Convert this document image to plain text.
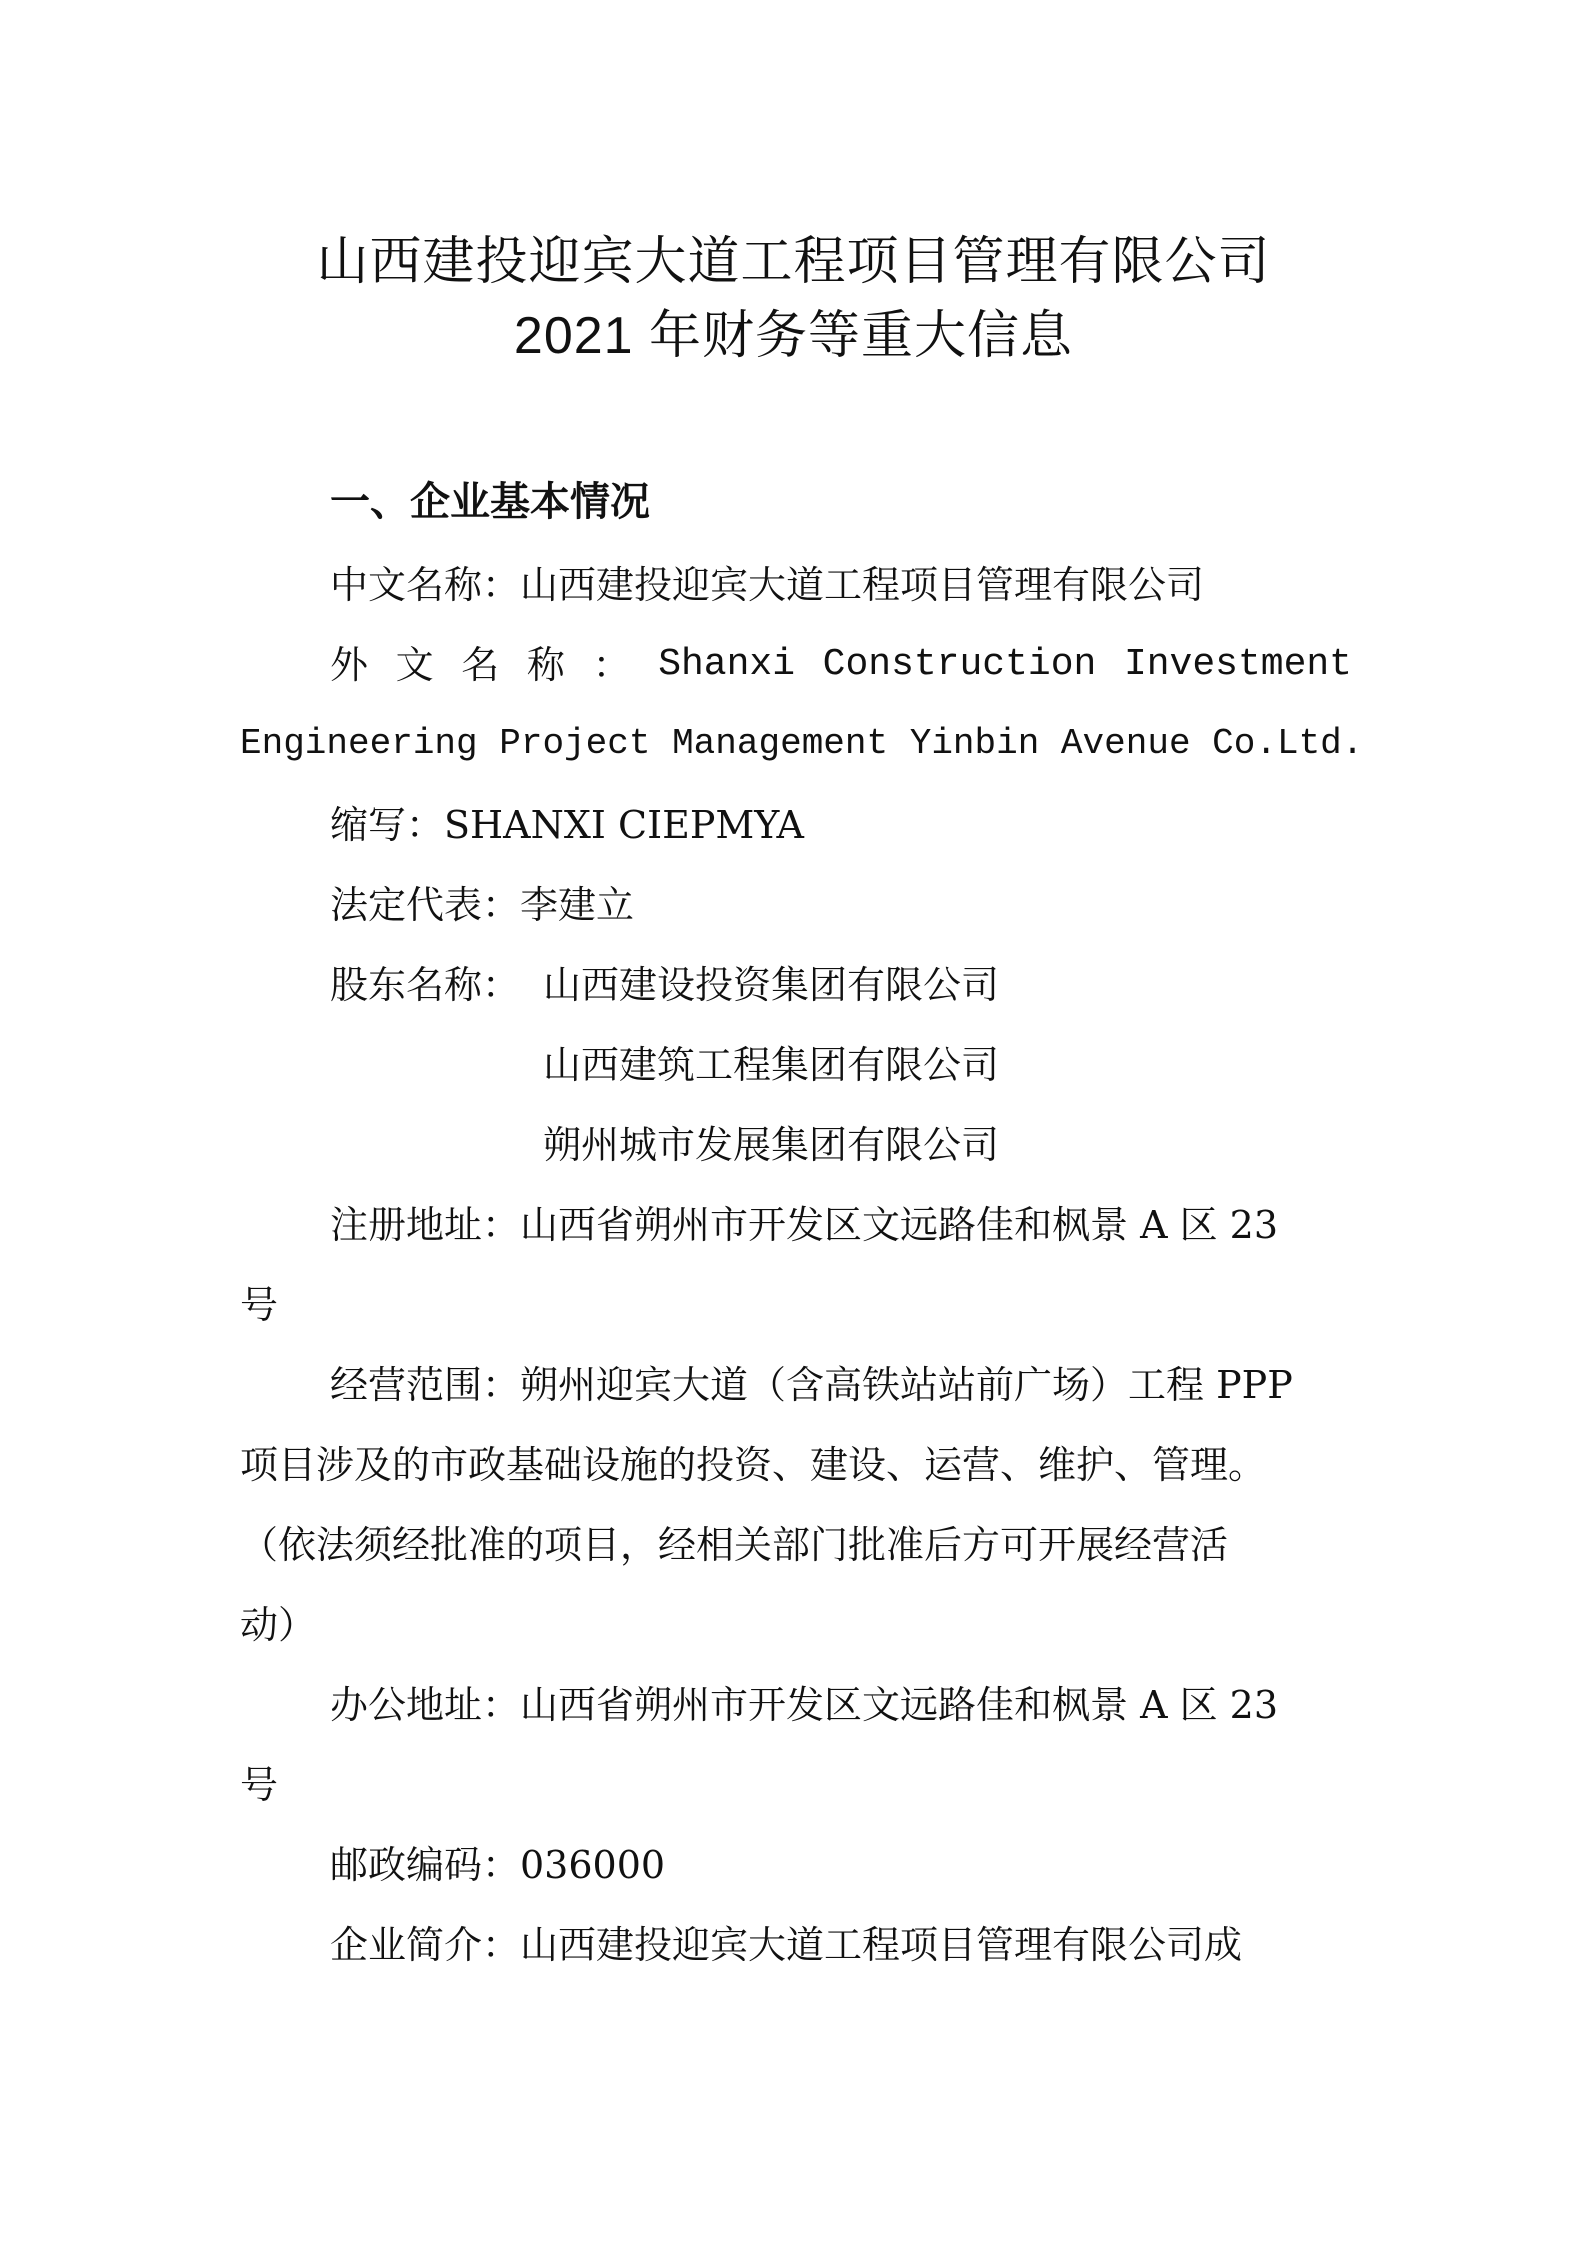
山西建投迎宾大道工程项目管理有限公司
2021 年财务等重大信息
一、企业基本情况
中文名称：山西建投迎宾大道工程项目管理有限公司
外 文 名 称 ： Shanxi Construction Investment
Engineering Project Management Yinbin Avenue Co.Ltd.
缩写：SHANXI CIEPMYA
法定代表：李建立
股东名称： 山西建设投资集团有限公司
山西建筑工程集团有限公司
朔州城市发展集团有限公司
注册地址：山西省朔州市开发区文远路佳和枫景 A 区 23
号
经营范围：朔州迎宾大道（含高铁站站前广场）工程 PPP
项目涉及的市政基础设施的投资、建设、运营、维护、管理。
（依法须经批准的项目，经相关部门批准后方可开展经营活
动）
办公地址：山西省朔州市开发区文远路佳和枫景 A 区 23
号
邮政编码：036000
企业简介：山西建投迎宾大道工程项目管理有限公司成
